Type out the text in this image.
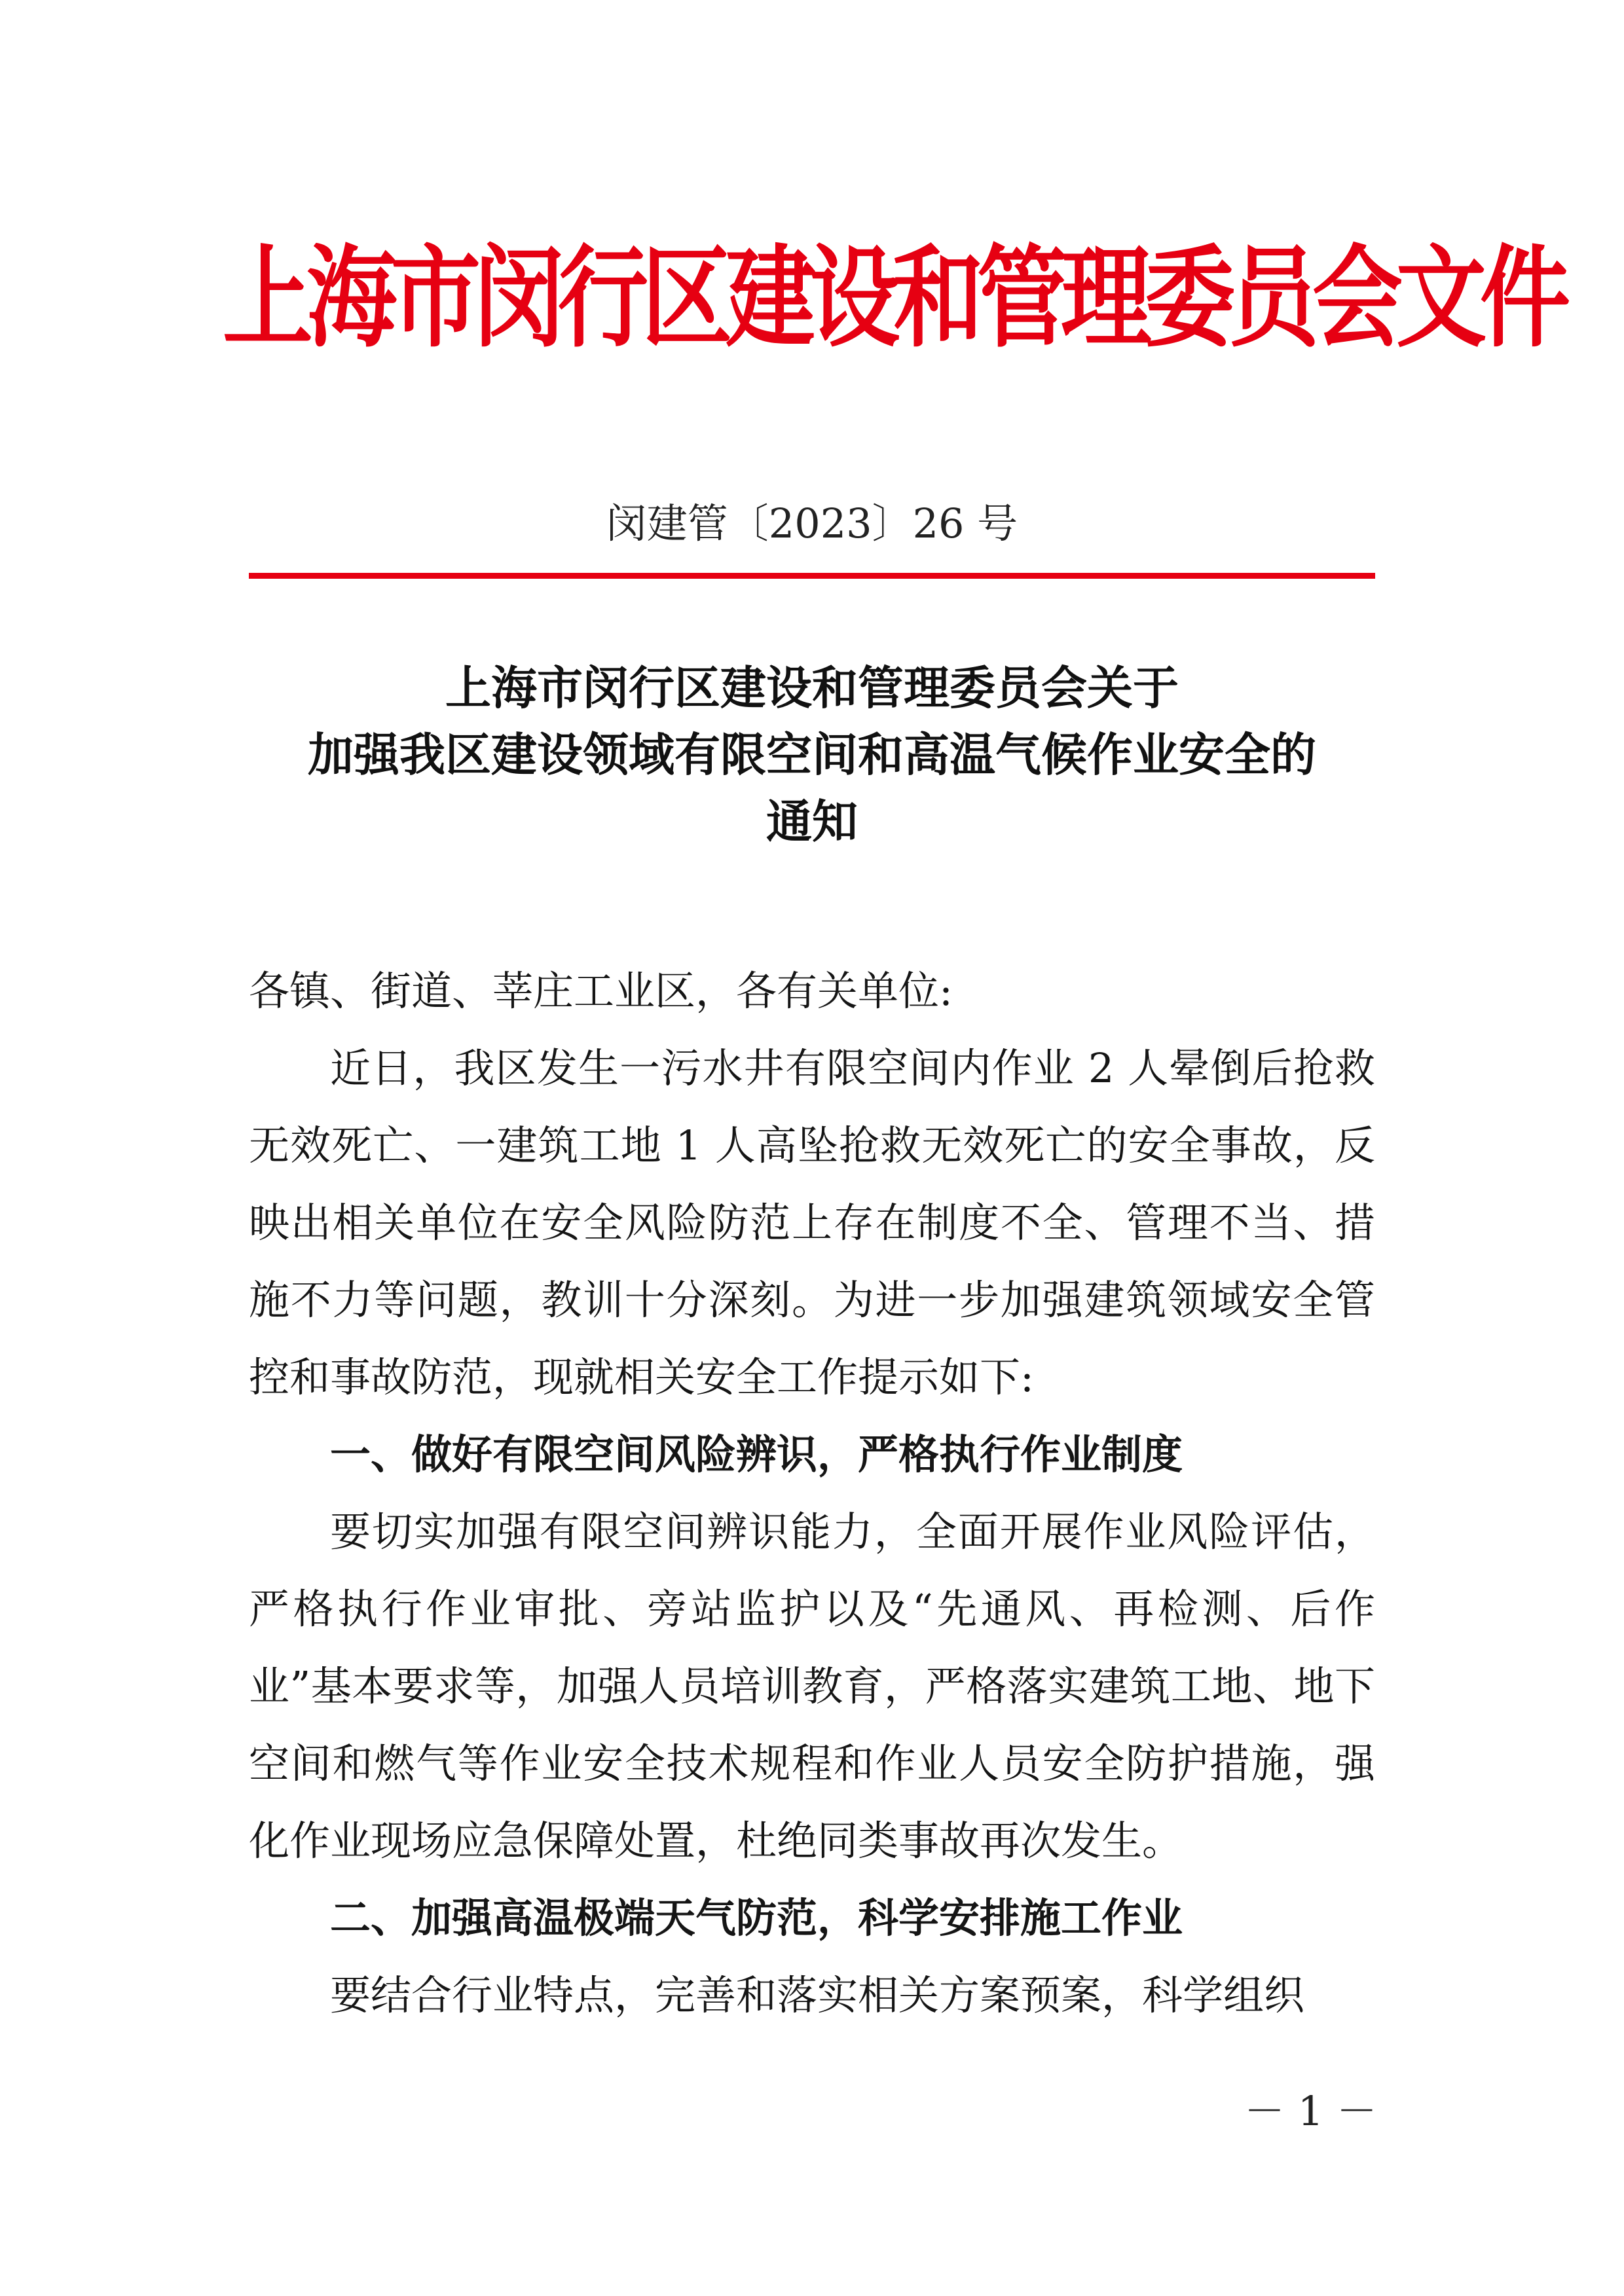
上海市闵行区建设和管理委员会文件
闵建管〔2023〕26 号
上海市闵行区建设和管理委员会关于
加强我区建设领域有限空间和高温气候作业安全的
通知
各镇、街道、莘庄工业区，各有关单位:

近日，我区发生一污水井有限空间内作业 2 人晕倒后抢救无效死亡、一建筑工地 1 人高坠抢救无效死亡的安全事故，反映出相关单位在安全风险防范上存在制度不全、管理不当、措施不力等问题，教训十分深刻。为进一步加强建筑领域安全管控和事故防范，现就相关安全工作提示如下:

一、做好有限空间风险辨识，严格执行作业制度

要切实加强有限空间辨识能力，全面开展作业风险评估，严格执行作业审批、旁站监护以及“先通风、再检测、后作业”基本要求等，加强人员培训教育，严格落实建筑工地、地下空间和燃气等作业安全技术规程和作业人员安全防护措施，强化作业现场应急保障处置，杜绝同类事故再次发生。

二、加强高温极端天气防范，科学安排施工作业

要结合行业特点，完善和落实相关方案预案，科学组织

－ 1 －
